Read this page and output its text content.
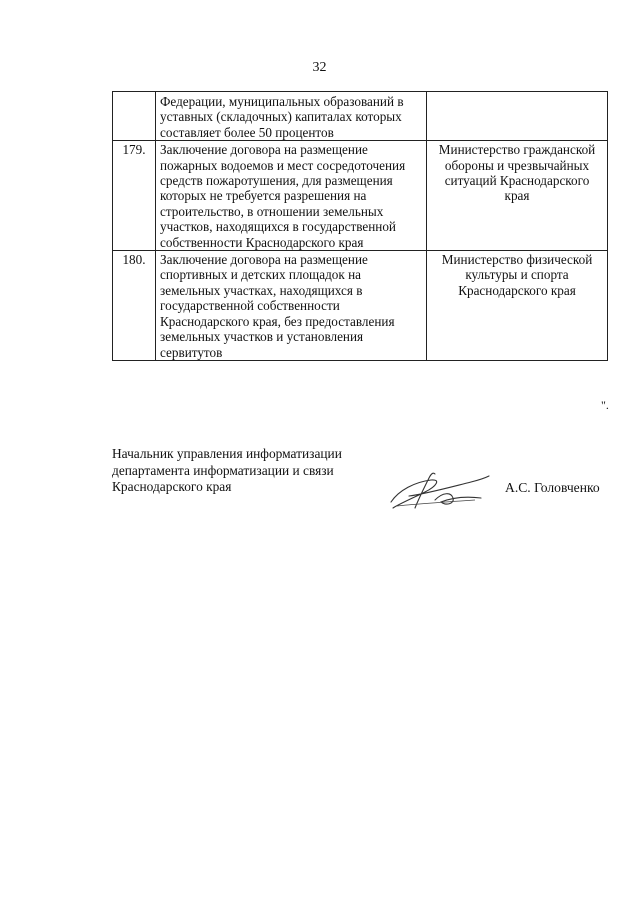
32
	Федерации, муниципальных образований в уставных (складочных) капиталах которых составляет более 50 процентов	
179.	Заключение договора на размещение пожарных водоемов и мест сосредоточения средств пожаротушения, для размещения которых не требуется разрешения на строительство, в отношении земельных участков, находящихся в государственной собственности Краснодарского края	Министерство гражданской обороны и чрезвычайных ситуаций Краснодарского края
180.	Заключение договора на размещение спортивных и детских площадок на земельных участках, находящихся в государственной собственности Краснодарского края, без предоставления земельных участков и установления сервитутов	Министерство физической культуры и спорта Краснодарского края
".
Начальник управления информатизации
департамента информатизации и связи
Краснодарского края	А.С. Головченко
